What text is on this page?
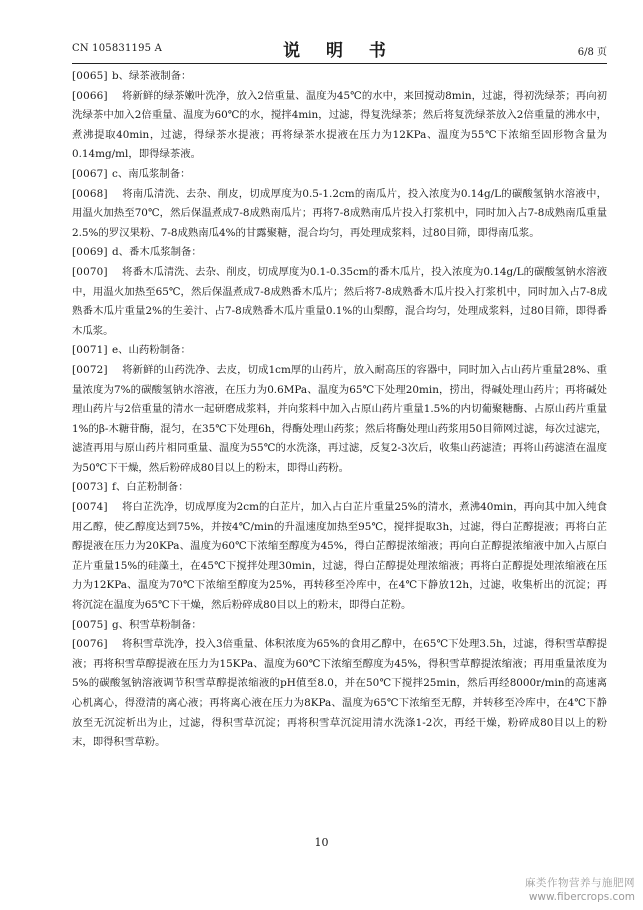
CN 105831195 A	说 明 书	6/8 页

[0065] b、绿茶液制备：

[0066] 将新鲜的绿茶嫩叶洗净，放入2倍重量、温度为45℃的水中，来回搅动8min，过滤，得初洗绿茶；再向初洗绿茶中加入2倍重量、温度为60℃的水，搅拌4min，过滤，得复洗绿茶；然后将复洗绿茶放入2倍重量的沸水中，煮沸提取40min，过滤，得绿茶水提液；再将绿茶水提液在压力为12KPa、温度为55℃下浓缩至固形物含量为0.14mg/ml，即得绿茶液。

[0067] c、南瓜浆制备：

[0068] 将南瓜清洗、去杂、削皮，切成厚度为0.5-1.2cm的南瓜片，投入浓度为0.14g/L的碳酸氢钠水溶液中，用温火加热至70℃，然后保温煮成7-8成熟南瓜片；再将7-8成熟南瓜片投入打浆机中，同时加入占7-8成熟南瓜重量2.5%的罗汉果粉、7-8成熟南瓜4%的甘露聚糖，混合均匀，再处理成浆料，过80目筛，即得南瓜浆。

[0069] d、番木瓜浆制备：

[0070] 将番木瓜清洗、去杂、削皮，切成厚度为0.1-0.35cm的番木瓜片，投入浓度为0.14g/L的碳酸氢钠水溶液中，用温火加热至65℃，然后保温煮成7-8成熟番木瓜片；然后将7-8成熟番木瓜片投入打浆机中，同时加入占7-8成熟番木瓜片重量2%的生姜汁、占7-8成熟番木瓜片重量0.1%的山梨醇，混合均匀，处理成浆料，过80目筛，即得番木瓜浆。

[0071] e、山药粉制备：

[0072] 将新鲜的山药洗净、去皮，切成1cm厚的山药片，放入耐高压的容器中，同时加入占山药片重量28%、重量浓度为7%的碳酸氢钠水溶液，在压力为0.6MPa、温度为65℃下处理20min，捞出，得碱处理山药片；再将碱处理山药片与2倍重量的清水一起研磨成浆料，并向浆料中加入占原山药片重量1.5%的内切葡聚糖酶、占原山药片重量1%的β-木糖苷酶，混匀，在35℃下处理6h，得酶处理山药浆；然后将酶处理山药浆用50目筛网过滤，每次过滤完，滤渣再用与原山药片相同重量、温度为55℃的水洗涤，再过滤，反复2-3次后，收集山药滤渣；再将山药滤渣在温度为50℃下干燥，然后粉碎成80目以上的粉末，即得山药粉。

[0073] f、白芷粉制备：

[0074] 将白芷洗净，切成厚度为2cm的白芷片，加入占白芷片重量25%的清水，煮沸40min，再向其中加入纯食用乙醇，使乙醇度达到75%，并按4℃/min的升温速度加热至95℃，搅拌提取3h，过滤，得白芷醇提液；再将白芷醇提液在压力为20KPa、温度为60℃下浓缩至醇度为45%，得白芷醇提浓缩液；再向白芷醇提浓缩液中加入占原白芷片重量15%的硅藻土，在45℃下搅拌处理30min，过滤，得白芷醇提处理浓缩液；再将白芷醇提处理浓缩液在压力为12KPa、温度为70℃下浓缩至醇度为25%，再转移至冷库中，在4℃下静放12h，过滤，收集析出的沉淀；再将沉淀在温度为65℃下干燥，然后粉碎成80目以上的粉末，即得白芷粉。

[0075] g、积雪草粉制备：

[0076] 将积雪草洗净，投入3倍重量、体积浓度为65%的食用乙醇中，在65℃下处理3.5h，过滤，得积雪草醇提液；再将积雪草醇提液在压力为15KPa、温度为60℃下浓缩至醇度为45%，得积雪草醇提浓缩液；再用重量浓度为5%的碳酸氢钠溶液调节积雪草醇提浓缩液的pH值至8.0，并在50℃下搅拌25min，然后再经8000r/min的高速离心机离心，得澄清的离心液；再将离心液在压力为8KPa、温度为65℃下浓缩至无醇，并转移至冷库中，在4℃下静放至无沉淀析出为止，过滤，得积雪草沉淀；再将积雪草沉淀用清水洗涤1-2次，再经干燥，粉碎成80目以上的粉末，即得积雪草粉。

10
麻类作物营养与施肥网
www.fibercrops.com
